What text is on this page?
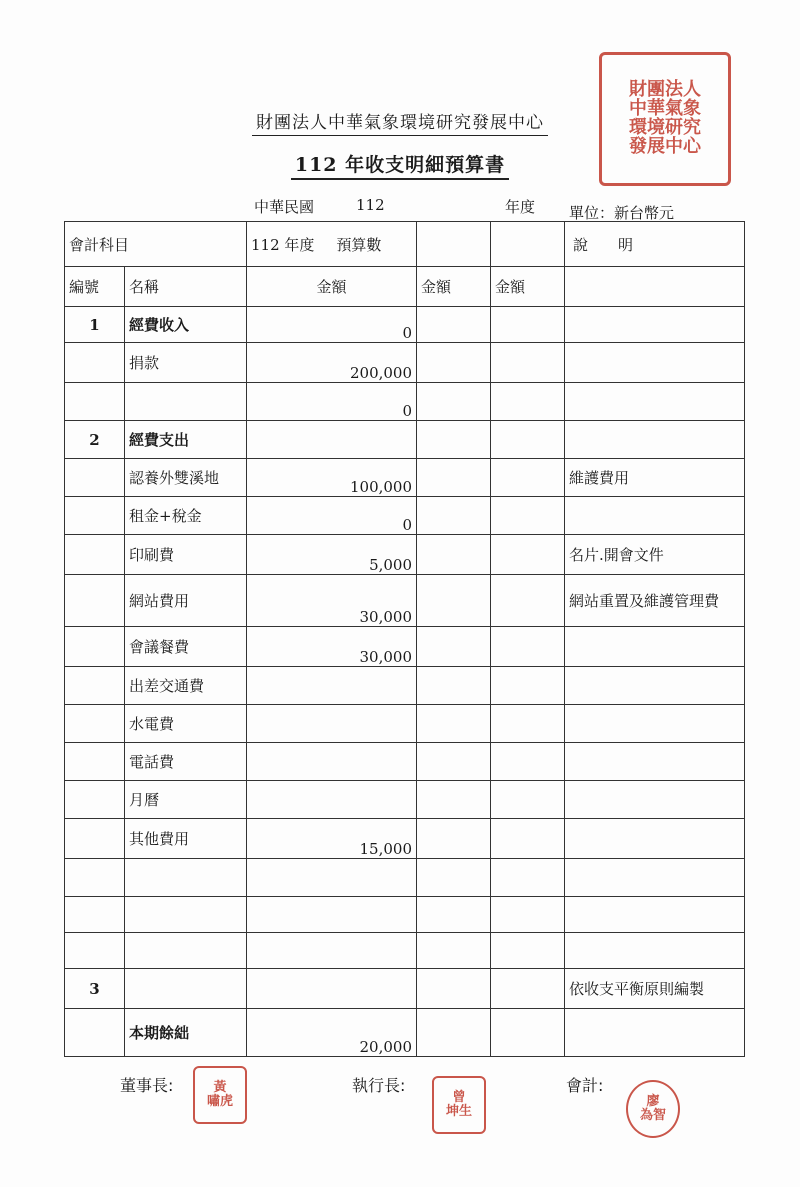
財團法人
中華氣象
環境研究
發展中心
財團法人中華氣象環境研究發展中心
112 年收支明細預算書
中華民國	112	年度 單位：新台幣元
會計科目		112 年度 預算數			說　　明
編號	名稱	金額	金額	金額	
1	經費收入	0			
	捐款	200,000			
		0			
2	經費支出				
	認養外雙溪地	100,000			維護費用
	租金+稅金	0			
	印刷費	5,000			名片.開會文件
	網站費用	30,000			網站重置及維護管理費
	會議餐費	30,000			
	出差交通費				
	水電費				
	電話費				
	月曆				
	其他費用	15,000			

3					依收支平衡原則編製
	本期餘絀	20,000			
董事長:	黃
嘯虎
執行長:
曾
坤生
會計:
廖
為智
